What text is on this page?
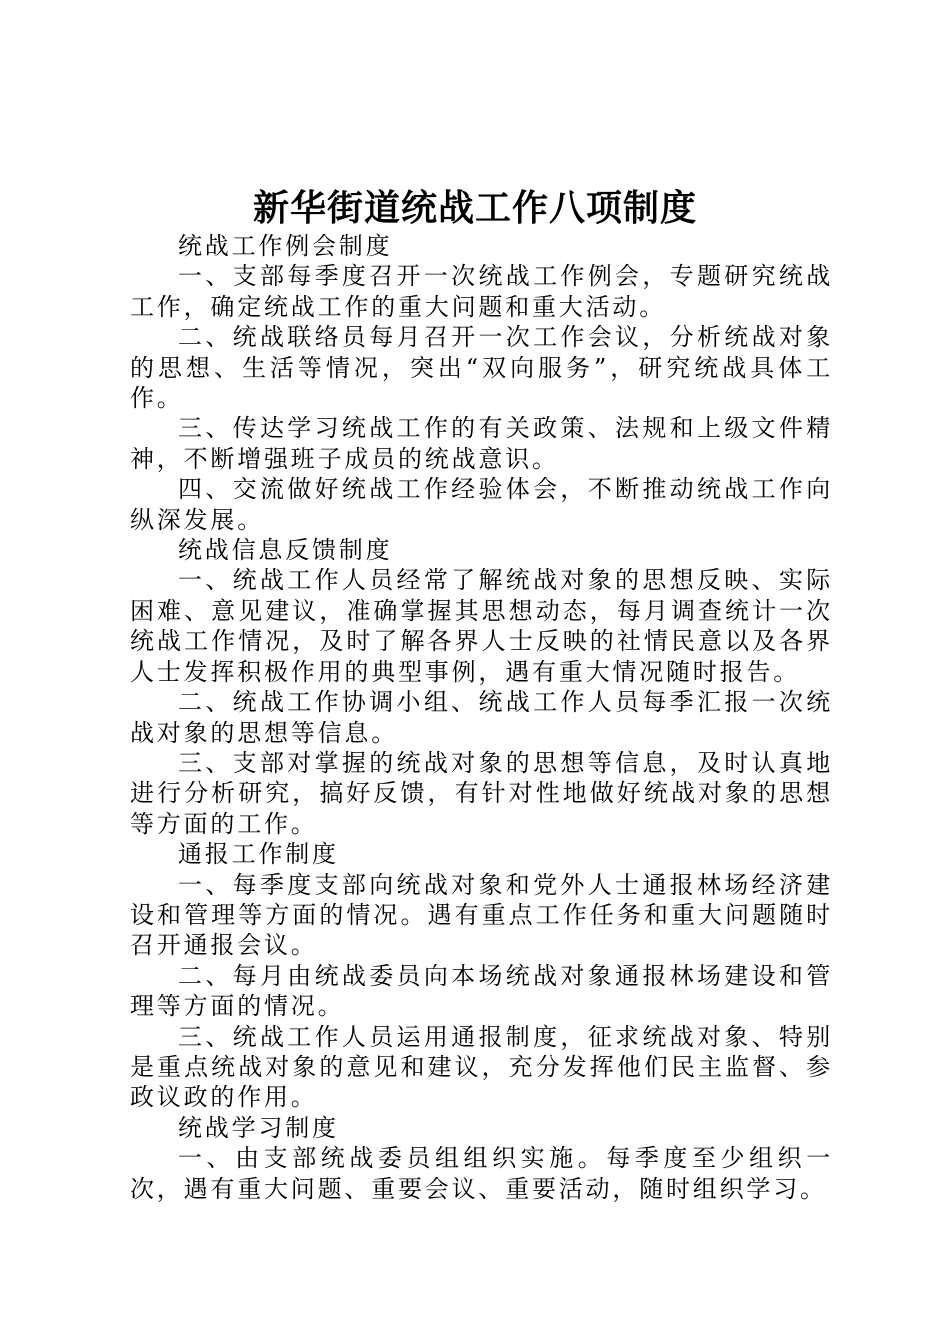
新华街道统战工作八项制度

统战工作例会制度

一、支部每季度召开一次统战工作例会，专题研究统战工作，确定统战工作的重大问题和重大活动。

二、统战联络员每月召开一次工作会议，分析统战对象的思想、生活等情况，突出“双向服务”，研究统战具体工作。

三、传达学习统战工作的有关政策、法规和上级文件精神，不断增强班子成员的统战意识。

四、交流做好统战工作经验体会，不断推动统战工作向纵深发展。

统战信息反馈制度

一、统战工作人员经常了解统战对象的思想反映、实际困难、意见建议，准确掌握其思想动态，每月调查统计一次统战工作情况，及时了解各界人士反映的社情民意以及各界人士发挥积极作用的典型事例，遇有重大情况随时报告。

二、统战工作协调小组、统战工作人员每季汇报一次统战对象的思想等信息。

三、支部对掌握的统战对象的思想等信息，及时认真地进行分析研究，搞好反馈，有针对性地做好统战对象的思想等方面的工作。

通报工作制度

一、每季度支部向统战对象和党外人士通报林场经济建设和管理等方面的情况。遇有重点工作任务和重大问题随时召开通报会议。

二、每月由统战委员向本场统战对象通报林场建设和管理等方面的情况。

三、统战工作人员运用通报制度，征求统战对象、特别是重点统战对象的意见和建议，充分发挥他们民主监督、参政议政的作用。

统战学习制度

一、由支部统战委员组组织实施。每季度至少组织一次，遇有重大问题、重要会议、重要活动，随时组织学习。
